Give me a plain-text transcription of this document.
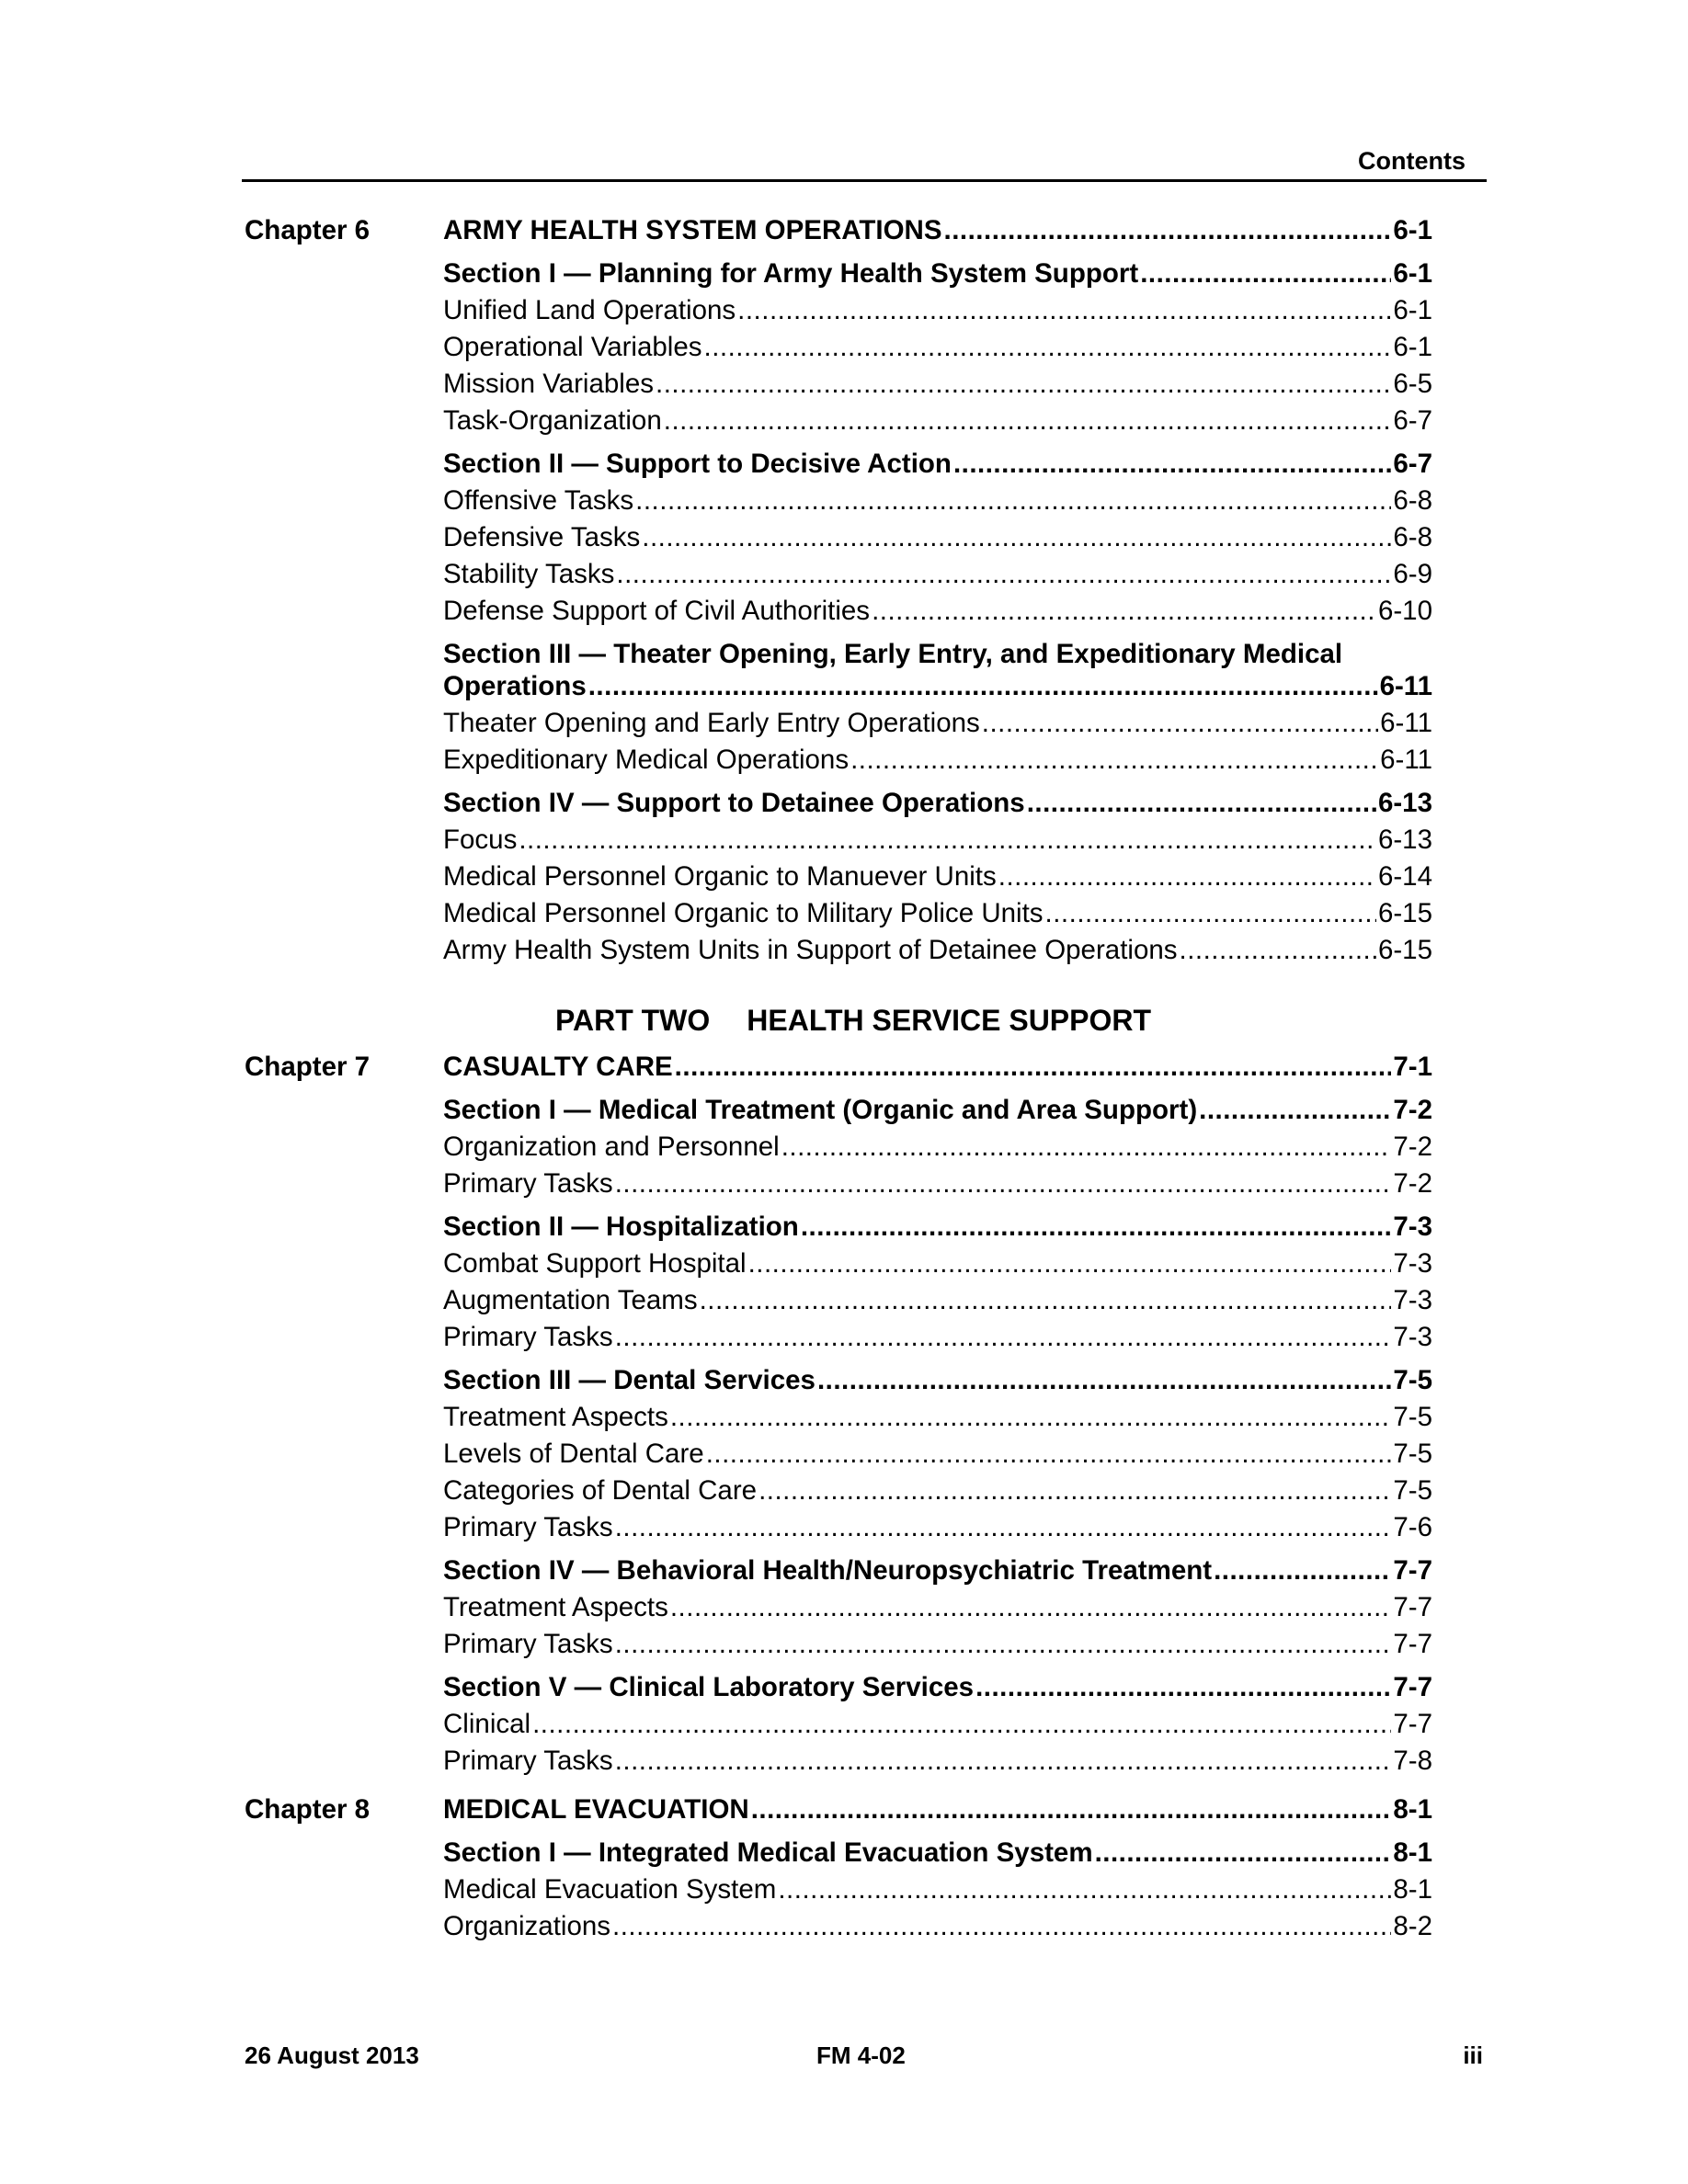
Contents
Chapter 6	ARMY HEALTH SYSTEM OPERATIONS .....	6-1
Section I — Planning for Army Health System Support .....	6-1
Unified Land Operations .....	6-1
Operational Variables .....	6-1
Mission Variables .....	6-5
Task-Organization .....	6-7
Section II — Support to Decisive Action .....	6-7
Offensive Tasks .....	6-8
Defensive Tasks .....	6-8
Stability Tasks .....	6-9
Defense Support of Civil Authorities .....	6-10
Section III — Theater Opening, Early Entry, and Expeditionary Medical
Operations .....	6-11
Theater Opening and Early Entry Operations .....	6-11
Expeditionary Medical Operations .....	6-11
Section IV — Support to Detainee Operations .....	6-13
Focus .....	6-13
Medical Personnel Organic to Manuever Units .....	6-14
Medical Personnel Organic to Military Police Units .....	6-15
Army Health System Units in Support of Detainee Operations .....	6-15
PART TWO HEALTH SERVICE SUPPORT
Chapter 7	CASUALTY CARE .....	7-1
Section I — Medical Treatment (Organic and Area Support) .....	7-2
Organization and Personnel .....	7-2
Primary Tasks .....	7-2
Section II — Hospitalization .....	7-3
Combat Support Hospital .....	7-3
Augmentation Teams .....	7-3
Primary Tasks .....	7-3
Section III — Dental Services .....	7-5
Treatment Aspects .....	7-5
Levels of Dental Care .....	7-5
Categories of Dental Care .....	7-5
Primary Tasks .....	7-6
Section IV — Behavioral Health/Neuropsychiatric Treatment .....	7-7
Treatment Aspects .....	7-7
Primary Tasks .....	7-7
Section V — Clinical Laboratory Services .....	7-7
Clinical .....	7-7
Primary Tasks .....	7-8
Chapter 8	MEDICAL EVACUATION .....	8-1
Section I — Integrated Medical Evacuation System .....	8-1
Medical Evacuation System .....	8-1
Organizations .....	8-2
26 August 2013	FM 4-02	iii
